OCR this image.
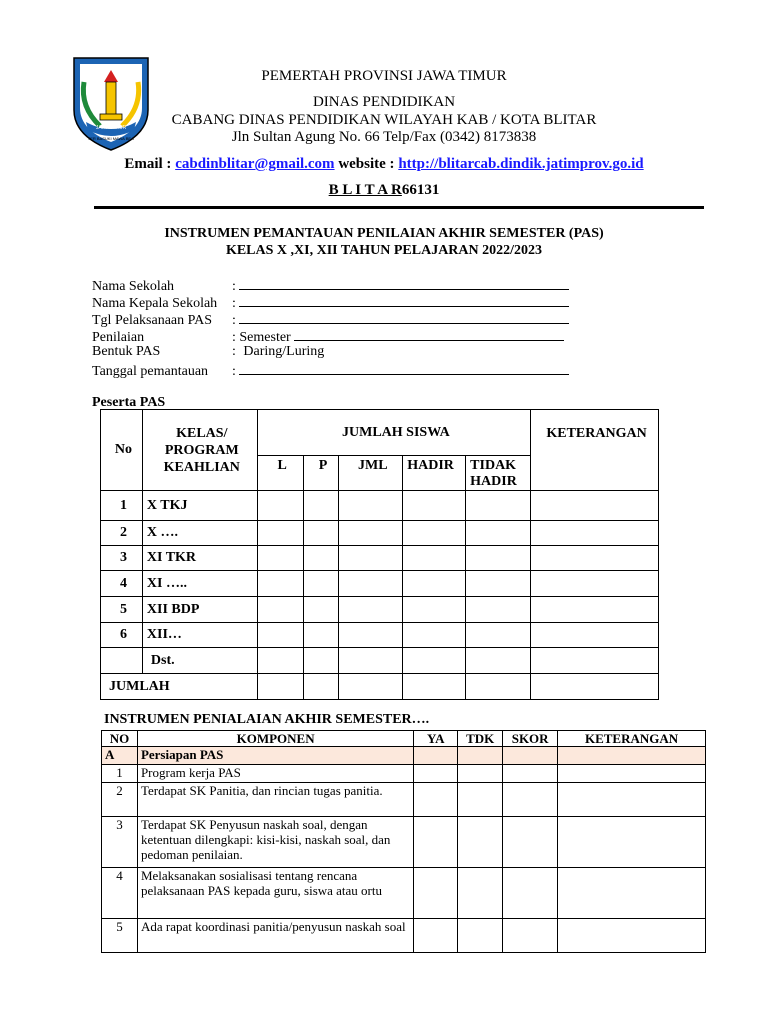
JAWA TIMUR
JER BASUKI MAWA BEA
PEMERTAH PROVINSI JAWA TIMUR
DINAS PENDIDIKAN
CABANG DINAS PENDIDIKAN WILAYAH KAB / KOTA BLITAR
Jln Sultan Agung No. 66 Telp/Fax (0342) 8173838
Email : cabdinblitar@gmail.com website : http://blitarcab.dindik.jatimprov.go.id
B L I T A R66131
INSTRUMEN PEMANTAUAN PENILAIAN AKHIR SEMESTER (PAS)
KELAS X ,XI, XII TAHUN PELAJARAN 2022/2023
Nama Sekolah	:
Nama Kepala Sekolah :
Tgl Pelaksanaan PAS :
Penilaian	: Semester
Bentuk PAS	: Daring/Luring
Tanggal pemantauan :
Peserta PAS
No	KELAS/
PROGRAM
KEAHLIAN	JUMLAH SISWA					KETERANGAN
		L	P	JML	HADIR	TIDAK HADIR	
1	X TKJ						
2	X ….						
3	XI TKR						
4	XI …..						
5	XII BDP						
6	XII…						
	Dst.						
JUMLAH							
INSTRUMEN PENIALAIAN AKHIR SEMESTER….
NO	KOMPONEN	YA	TDK	SKOR	KETERANGAN
A	Persiapan PAS				
1	Program kerja PAS				
2	Terdapat SK Panitia, dan rincian tugas panitia.				
3	Terdapat SK Penyusun naskah soal, dengan ketentuan dilengkapi: kisi-kisi, naskah soal, dan pedoman penilaian.				
4	Melaksanakan sosialisasi tentang rencana pelaksanaan PAS kepada guru, siswa atau ortu				
5	Ada rapat koordinasi panitia/penyusun naskah soal				
